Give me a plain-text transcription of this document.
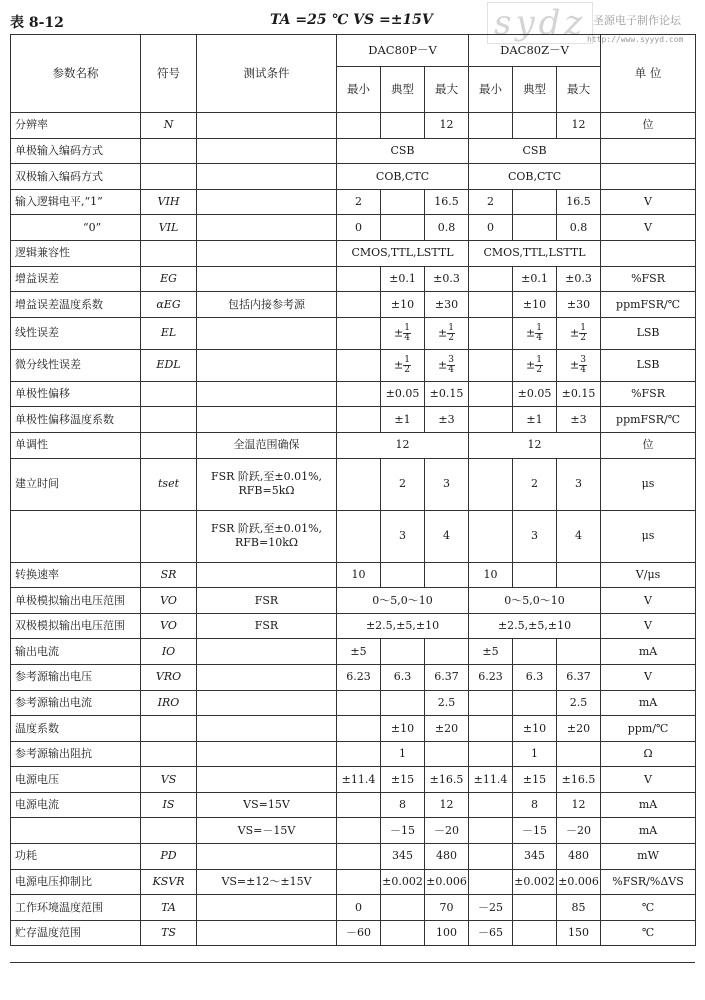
表 8-12	TA =25 ℃ VS =±15V sydz 圣源电子制作论坛
http://www.syyyd.com
参数名称	符号	测试条件	DAC80P－V			DAC80Z－V			单 位
			最小	典型	最大	最小	典型	最大	
分辨率	N				12			12	位
单极输入编码方式			CSB			CSB			
双极输入编码方式			COB,CTC			COB,CTC			
输入逻辑电平,“1”	VIH		2		16.5	2		16.5	V
“0”	VIL		0		0.8	0		0.8	V
逻辑兼容性			CMOS,TTL,LSTTL			CMOS,TTL,LSTTL			
增益误差	EG			±0.1	±0.3		±0.1	±0.3	%FSR
增益误差温度系数	αEG	包括内接参考源		±10	±30		±10	±30	ppmFSR/℃
线性误差	EL			± $\frac{1}{4}$	± $\frac{1}{2}$		± $\frac{1}{4}$	± $\frac{1}{2}$	LSB
微分线性误差	EDL			± $\frac{1}{2}$	± $\frac{3}{4}$		± $\frac{1}{2}$	± $\frac{3}{4}$	LSB
单极性偏移				±0.05	±0.15		±0.05	±0.15	%FSR
单极性偏移温度系数				±1	±3		±1	±3	ppmFSR/℃
单调性		全温范围确保	12			12			位
建立时间	tset	FSR 阶跃,至±0.01%, RFB=5kΩ		2	3		2	3	μs
		FSR 阶跃,至±0.01%, RFB=10kΩ		3	4		3	4	μs
转换速率	SR		10			10			V/μs
单极模拟输出电压范围	VO	FSR	0～5,0～10			0～5,0～10			V
双极模拟输出电压范围	VO	FSR	±2.5,±5,±10			±2.5,±5,±10			V
输出电流	IO		±5			±5			mA
参考源输出电压	VRO		6.23	6.3	6.37	6.23	6.3	6.37	V
参考源输出电流	IRO				2.5			2.5	mA
温度系数				±10	±20		±10	±20	ppm/℃
参考源输出阻抗				1			1		Ω
电源电压	VS		±11.4	±15	±16.5	±11.4	±15	±16.5	V
电源电流	IS	VS=15V		8	12		8	12	mA
		VS=－15V		－15	－20		－15	－20	mA
功耗	PD			345	480		345	480	mW
电源电压抑制比	KSVR	VS=±12～±15V		±0.002	±0.006		±0.002	±0.006	%FSR/%ΔVS
工作环境温度范围	TA		0		70	－25		85	℃
贮存温度范围	TS		－60		100	－65		150	℃
